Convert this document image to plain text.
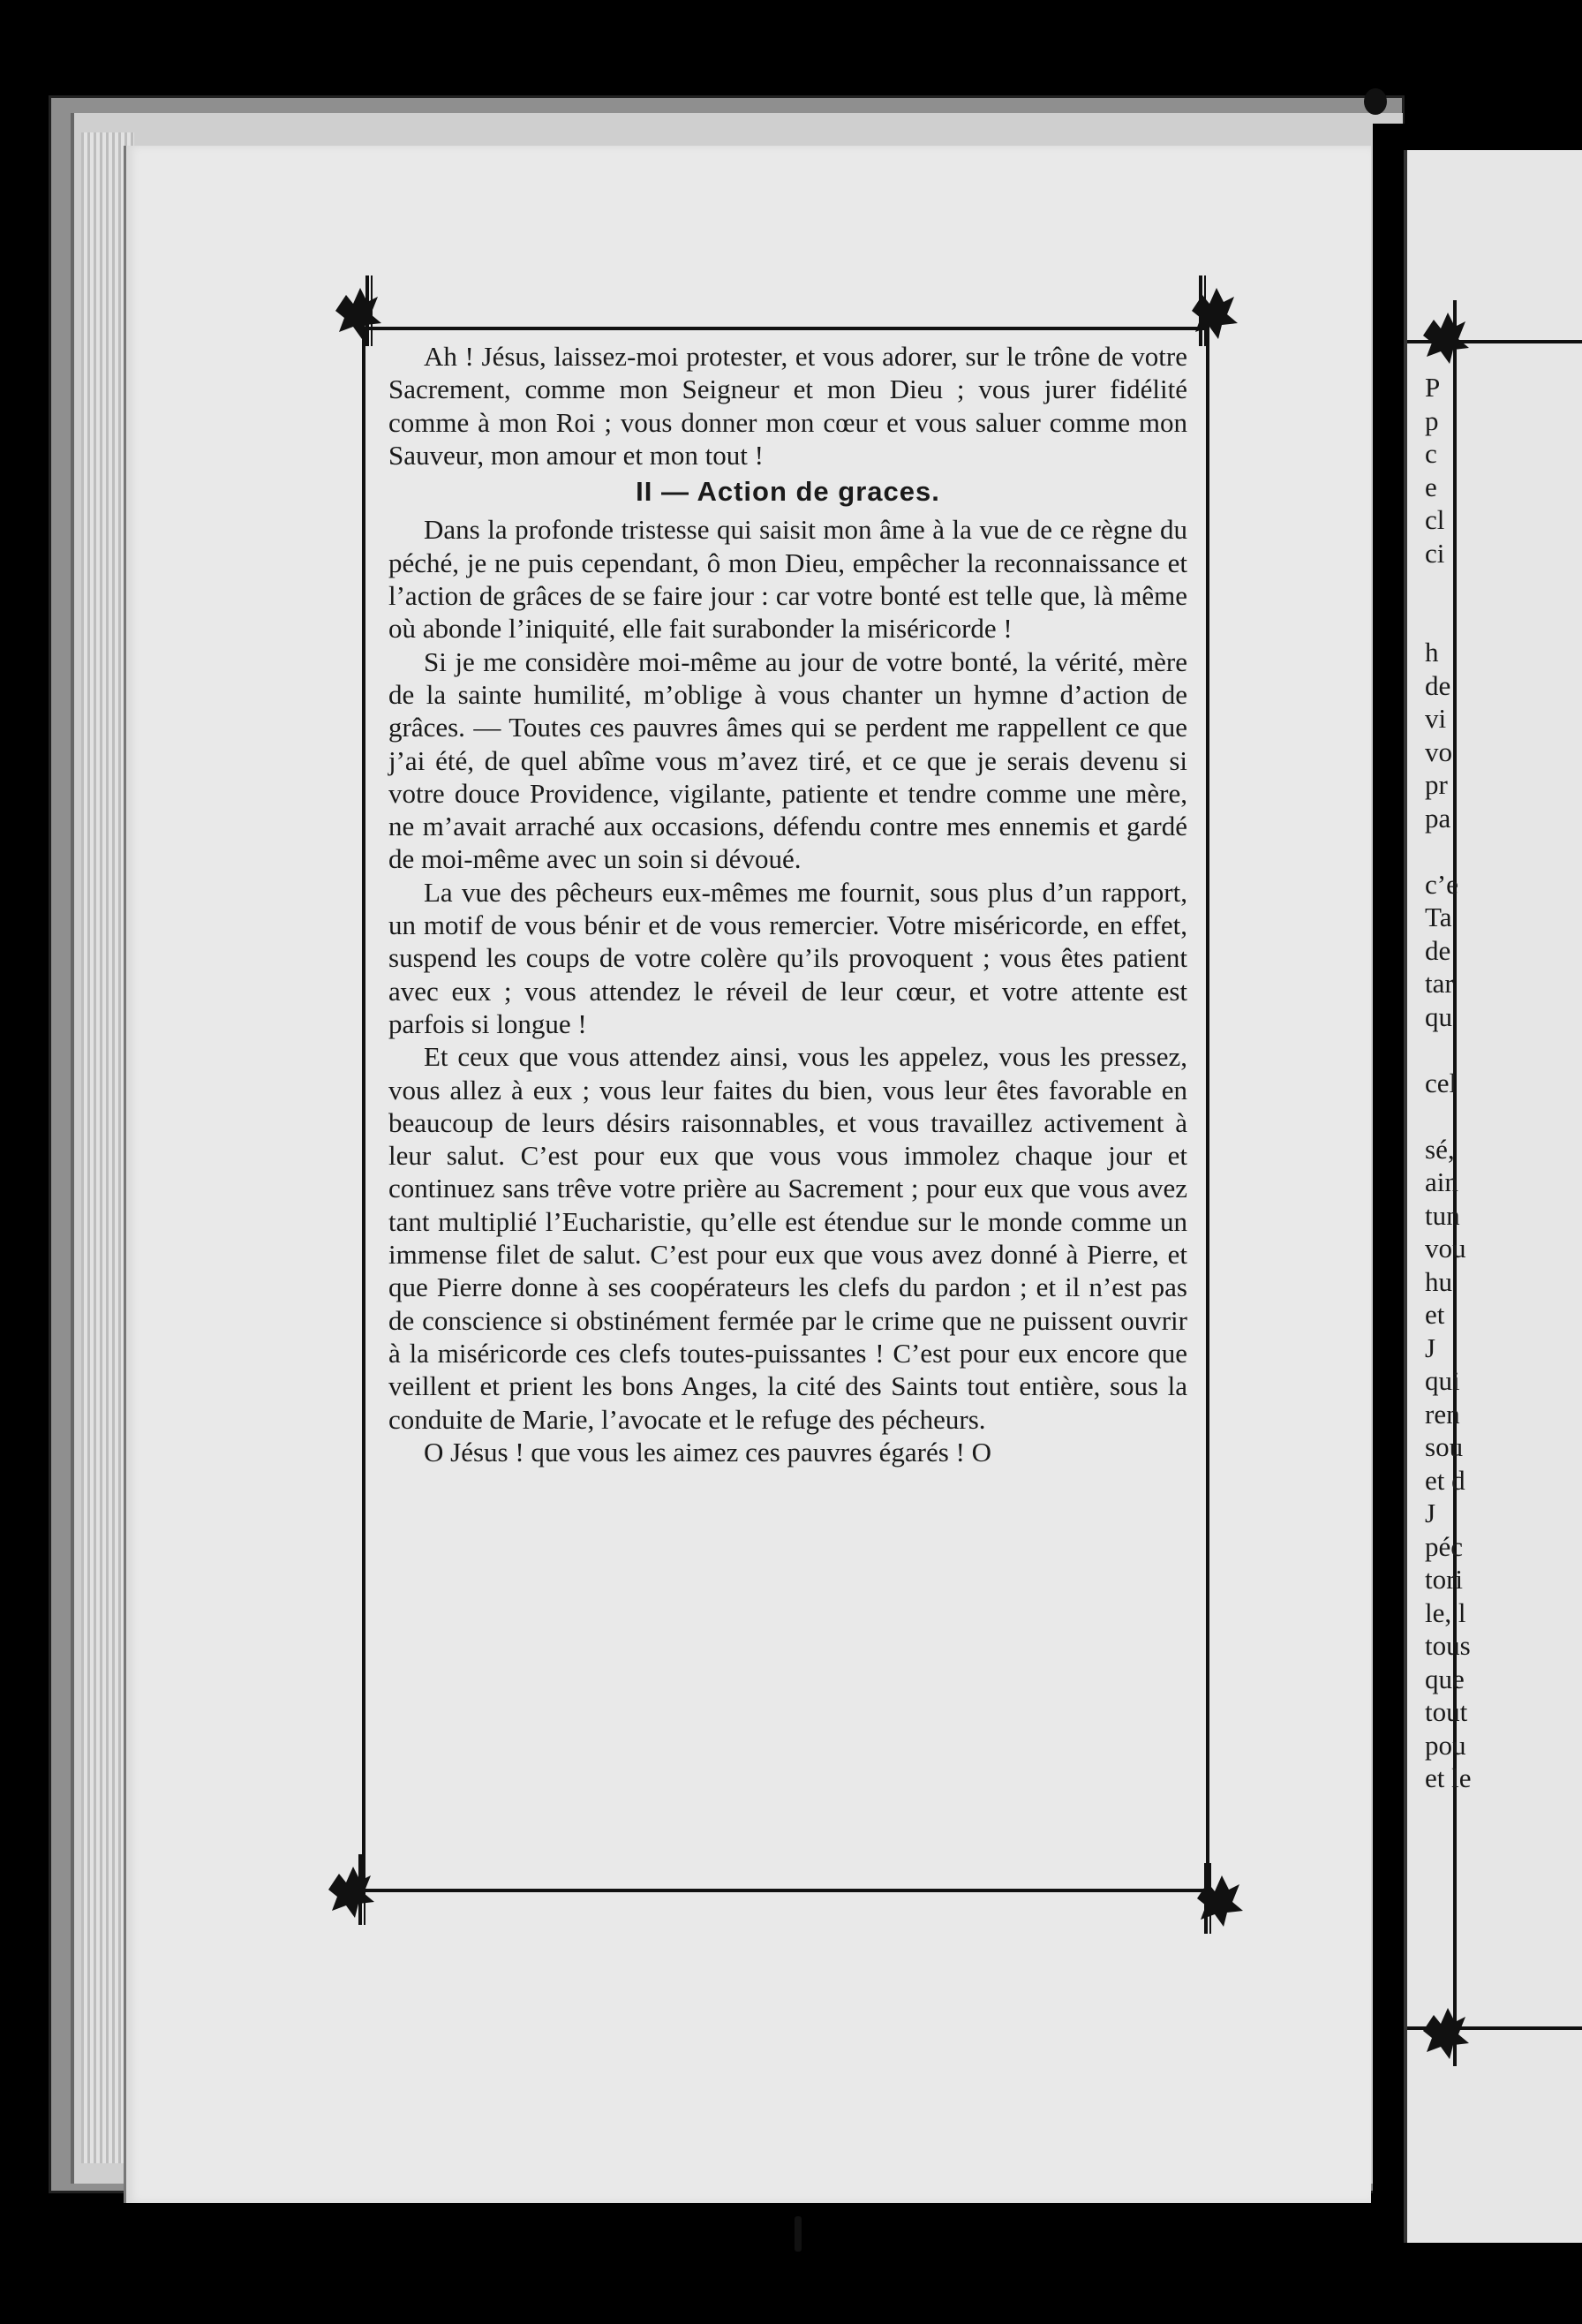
Ah ! Jésus, laissez-moi protester, et vous adorer, sur le trône de votre Sacrement, comme mon Seigneur et mon Dieu ; vous jurer fidélité comme à mon Roi ; vous donner mon cœur et vous saluer comme mon Sauveur, mon amour et mon tout !

II — Action de graces.

Dans la profonde tristesse qui saisit mon âme à la vue de ce règne du péché, je ne puis cependant, ô mon Dieu, empêcher la reconnaissance et l’action de grâces de se faire jour : car votre bonté est telle que, là même où abonde l’iniquité, elle fait surabonder la miséricorde !

Si je me considère moi-même au jour de votre bonté, la vérité, mère de la sainte humilité, m’oblige à vous chanter un hymne d’action de grâces. — Toutes ces pauvres âmes qui se perdent me rappellent ce que j’ai été, de quel abîme vous m’avez tiré, et ce que je serais devenu si votre douce Providence, vigilante, patiente et tendre comme une mère, ne m’avait arraché aux occasions, défendu contre mes ennemis et gardé de moi-même avec un soin si dévoué.

La vue des pêcheurs eux-mêmes me fournit, sous plus d’un rapport, un motif de vous bénir et de vous remercier. Votre miséricorde, en effet, suspend les coups de votre colère qu’ils provoquent ; vous êtes patient avec eux ; vous attendez le réveil de leur cœur, et votre attente est parfois si longue !

Et ceux que vous attendez ainsi, vous les appelez, vous les pressez, vous allez à eux ; vous leur faites du bien, vous leur êtes favorable en beaucoup de leurs désirs raisonnables, et vous travaillez activement à leur salut. C’est pour eux que vous vous immolez chaque jour et continuez sans trêve votre prière au Sacrement ; pour eux que vous avez tant multiplié l’Eucharistie, qu’elle est étendue sur le monde comme un immense filet de salut. C’est pour eux que vous avez donné à Pierre, et que Pierre donne à ses coopérateurs les clefs du pardon ; et il n’est pas de conscience si obstinément fermée par le crime que ne puissent ouvrir à la miséricorde ces clefs toutes-puissantes ! C’est pour eux encore que veillent et prient les bons Anges, la cité des Saints tout entière, sous la conduite de Marie, l’avocate et le refuge des pécheurs.

O Jésus ! que vous les aimez ces pauvres égarés ! O

P
p
c
e
cl
ci
h
de
vi
vo
pr
pa
c’e
Ta
de
tar
qu
cel
sé,
ain
tun
vou
hu
et
J
qui
ren
sou
et d
J
péc
tori
le, l
tous
que
tout
pou
et le
